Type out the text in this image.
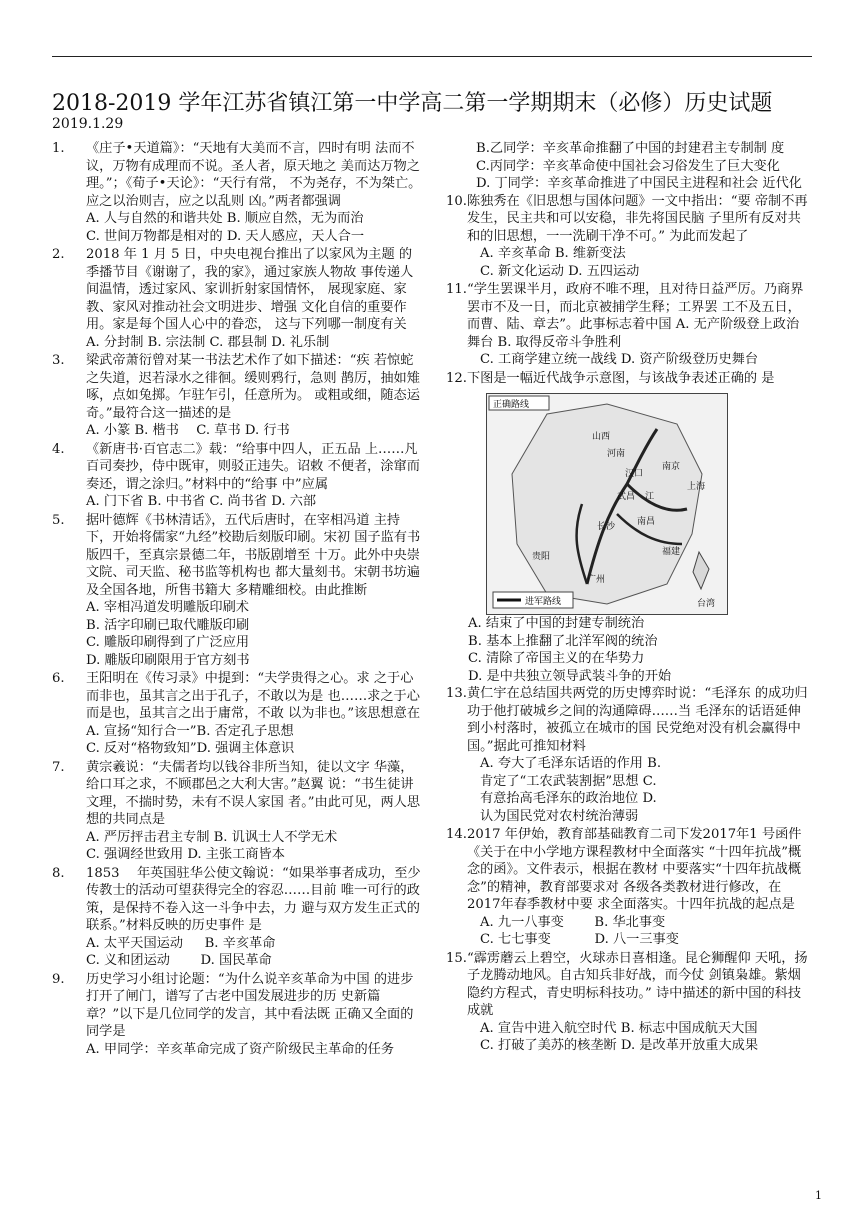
2018-2019 学年江苏省镇江第一中学高二第一学期期末（必修）历史试题
2019.1.29
1.	《庄子•天道篇》：“天地有大美而不言，四时有明 法而不议，万物有成理而不说。圣人者，原天地之 美而达万物之理。”；《荀子•天论》：“天行有常， 不为尧存，不为桀亡。应之以治则吉，应之以乱则 凶。”两者都强调
A. 人与自然的和谐共处 B. 顺应自然，无为而治
C. 世间万物都是相对的 D. 天人感应，天人合一
2.	2018 年 1 月 5 日，中央电视台推出了以家风为主题 的季播节目《谢谢了，我的家》，通过家族人物故 事传递人间温情，透过家风、家训折射家国情怀， 展现家庭、家教、家风对推动社会文明进步、增强 文化自信的重要作用。家是每个国人心中的眷恋， 这与下列哪一制度有关
A. 分封制 B. 宗法制 C. 郡县制 D. 礼乐制
3.	梁武帝萧衍曾对某一书法艺术作了如下描述：“疾 若惊蛇之失道，迟若渌水之徘徊。缓则鸦行，急则 鹊厉，抽如雉啄，点如兔掷。乍驻乍引，任意所为。 或粗或细，随态运奇。”最符合这一描述的是
A. 小篆 B. 楷书 　C. 草书 D. 行书
4.	《新唐书·百官志二》载：“给事中四人，正五品 上……凡百司奏抄，侍中既审，则驳正违失。诏敕 不便者，涂窜而奏还，谓之涂归。”材料中的“给事 中”应属
A. 门下省 B. 中书省 C. 尚书省 D. 六部
5.	据叶德辉《书林清话》，五代后唐时，在宰相冯道 主持下，开始将儒家“九经”校勘后刻版印刷。宋初 国子监有书版四千，至真宗景德二年，书版剧增至 十万。此外中央崇文院、司天监、秘书监等机构也 都大量刻书。宋朝书坊遍及全国各地，所售书籍大 多精雕细校。由此推断
A. 宰相冯道发明雕版印刷术
B. 活字印刷已取代雕版印刷
C. 雕版印刷得到了广泛应用
D. 雕版印刷限用于官方刻书
6.	王阳明在《传习录》中提到：“夫学贵得之心。求 之于心而非也，虽其言之出于孔子，不敢以为是 也……求之于心而是也，虽其言之出于庸常，不敢 以为非也。”该思想意在
A. 宣扬“知行合一”B. 否定孔子思想
C. 反对“格物致知”D. 强调主体意识
7.	黄宗羲说：“夫儒者均以钱谷非所当知，徒以文字 华藻，给口耳之求，不顾郡邑之大利大害。”赵翼 说：“书生徒讲文理，不揣时势，未有不误人家国 者。”由此可见，两人思想的共同点是
A. 严厉抨击君主专制 B. 讥讽士人不学无术
C. 强调经世致用 D. 主张工商皆本
8.	1853 　年英国驻华公使文翰说：“如果举事者成功，至少传教士的活动可望获得完全的容忍……目前 唯一可行的政策，是保持不卷入这一斗争中去，力 避与双方发生正式的联系。”材料反映的历史事件 是
A. 太平天国运动 　 B. 辛亥革命
C. 义和团运动 　　D. 国民革命
9.	历史学习小组讨论题：“为什么说辛亥革命为中国 的进步打开了闸门，谱写了古老中国发展进步的历 史新篇章？”以下是几位同学的发言，其中看法既 正确又全面的同学是
A. 甲同学：辛亥革命完成了资产阶级民主革命的任务
B.乙同学：辛亥革命推翻了中国的封建君主专制制 度
C.丙同学：辛亥革命使中国社会习俗发生了巨大变化
D. 丁同学：辛亥革命推进了中国民主进程和社会 近代化
10. 陈独秀在《旧思想与国体问题》一文中指出：“要 帝制不再发生，民主共和可以安稳，非先将国民脑 子里所有反对共和的旧思想，一一洗刷干净不可。” 为此而发起了
A. 辛亥革命 B. 维新变法
C. 新文化运动 D. 五四运动
11. “学生罢课半月，政府不唯不理，且对待日益严厉。乃商界罢市不及一日，而北京被捕学生释；工界罢 工不及五日，而曹、陆、章去”。此事标志着中国 A. 无产阶级登上政治舞台 B. 取得反帝斗争胜利
C. 工商学建立统一战线 D. 资产阶级登历史舞台
12. 下图是一幅近代战争示意图，与该战争表述正确的 是
正确路线
进军路线
武昌
长沙 南昌
汉口
上海
南京
广州
江
贵阳
山西
河南
福建
台湾
A. 结束了中国的封建专制统治
B. 基本上推翻了北洋军阀的统治
C. 清除了帝国主义的在华势力
D. 是中共独立领导武装斗争的开始
13. 黄仁宇在总结国共两党的历史博弈时说：“毛泽东 的成功归功于他打破城乡之间的沟通障碍……当 毛泽东的话语延伸到小村落时，被孤立在城市的国 民党绝对没有机会赢得中国。”据此可推知材料
A. 夸大了毛泽东话语的作用 B.
肯定了“工农武装割据”思想 C.
有意抬高毛泽东的政治地位 D.
认为国民党对农村统治薄弱
14. 2017 年伊始，教育部基础教育二司下发2017年1 号函件《关于在中小学地方课程教材中全面落实 “十四年抗战”概念的函》。文件表示，根据在教材 中要落实“十四年抗战概念”的精神，教育部要求对 各级各类教材进行修改，在2017年春季教材中要 求全面落实。十四年抗战的起点是
A. 九一八事变 　　B. 华北事变
C. 七七事变 　　　D. 八一三事变
15. “霹雳蘑云上碧空，火球赤日喜相逢。昆仑狮醒仰 天吼，扬子龙腾动地风。自古知兵非好战，而今仗 剑镇枭雄。紫烟隐约方程式，青史明标科技功。” 诗中描述的新中国的科技成就
A. 宣告中进入航空时代 B. 标志中国成航天大国
C. 打破了美苏的核垄断 D. 是改革开放重大成果
1
